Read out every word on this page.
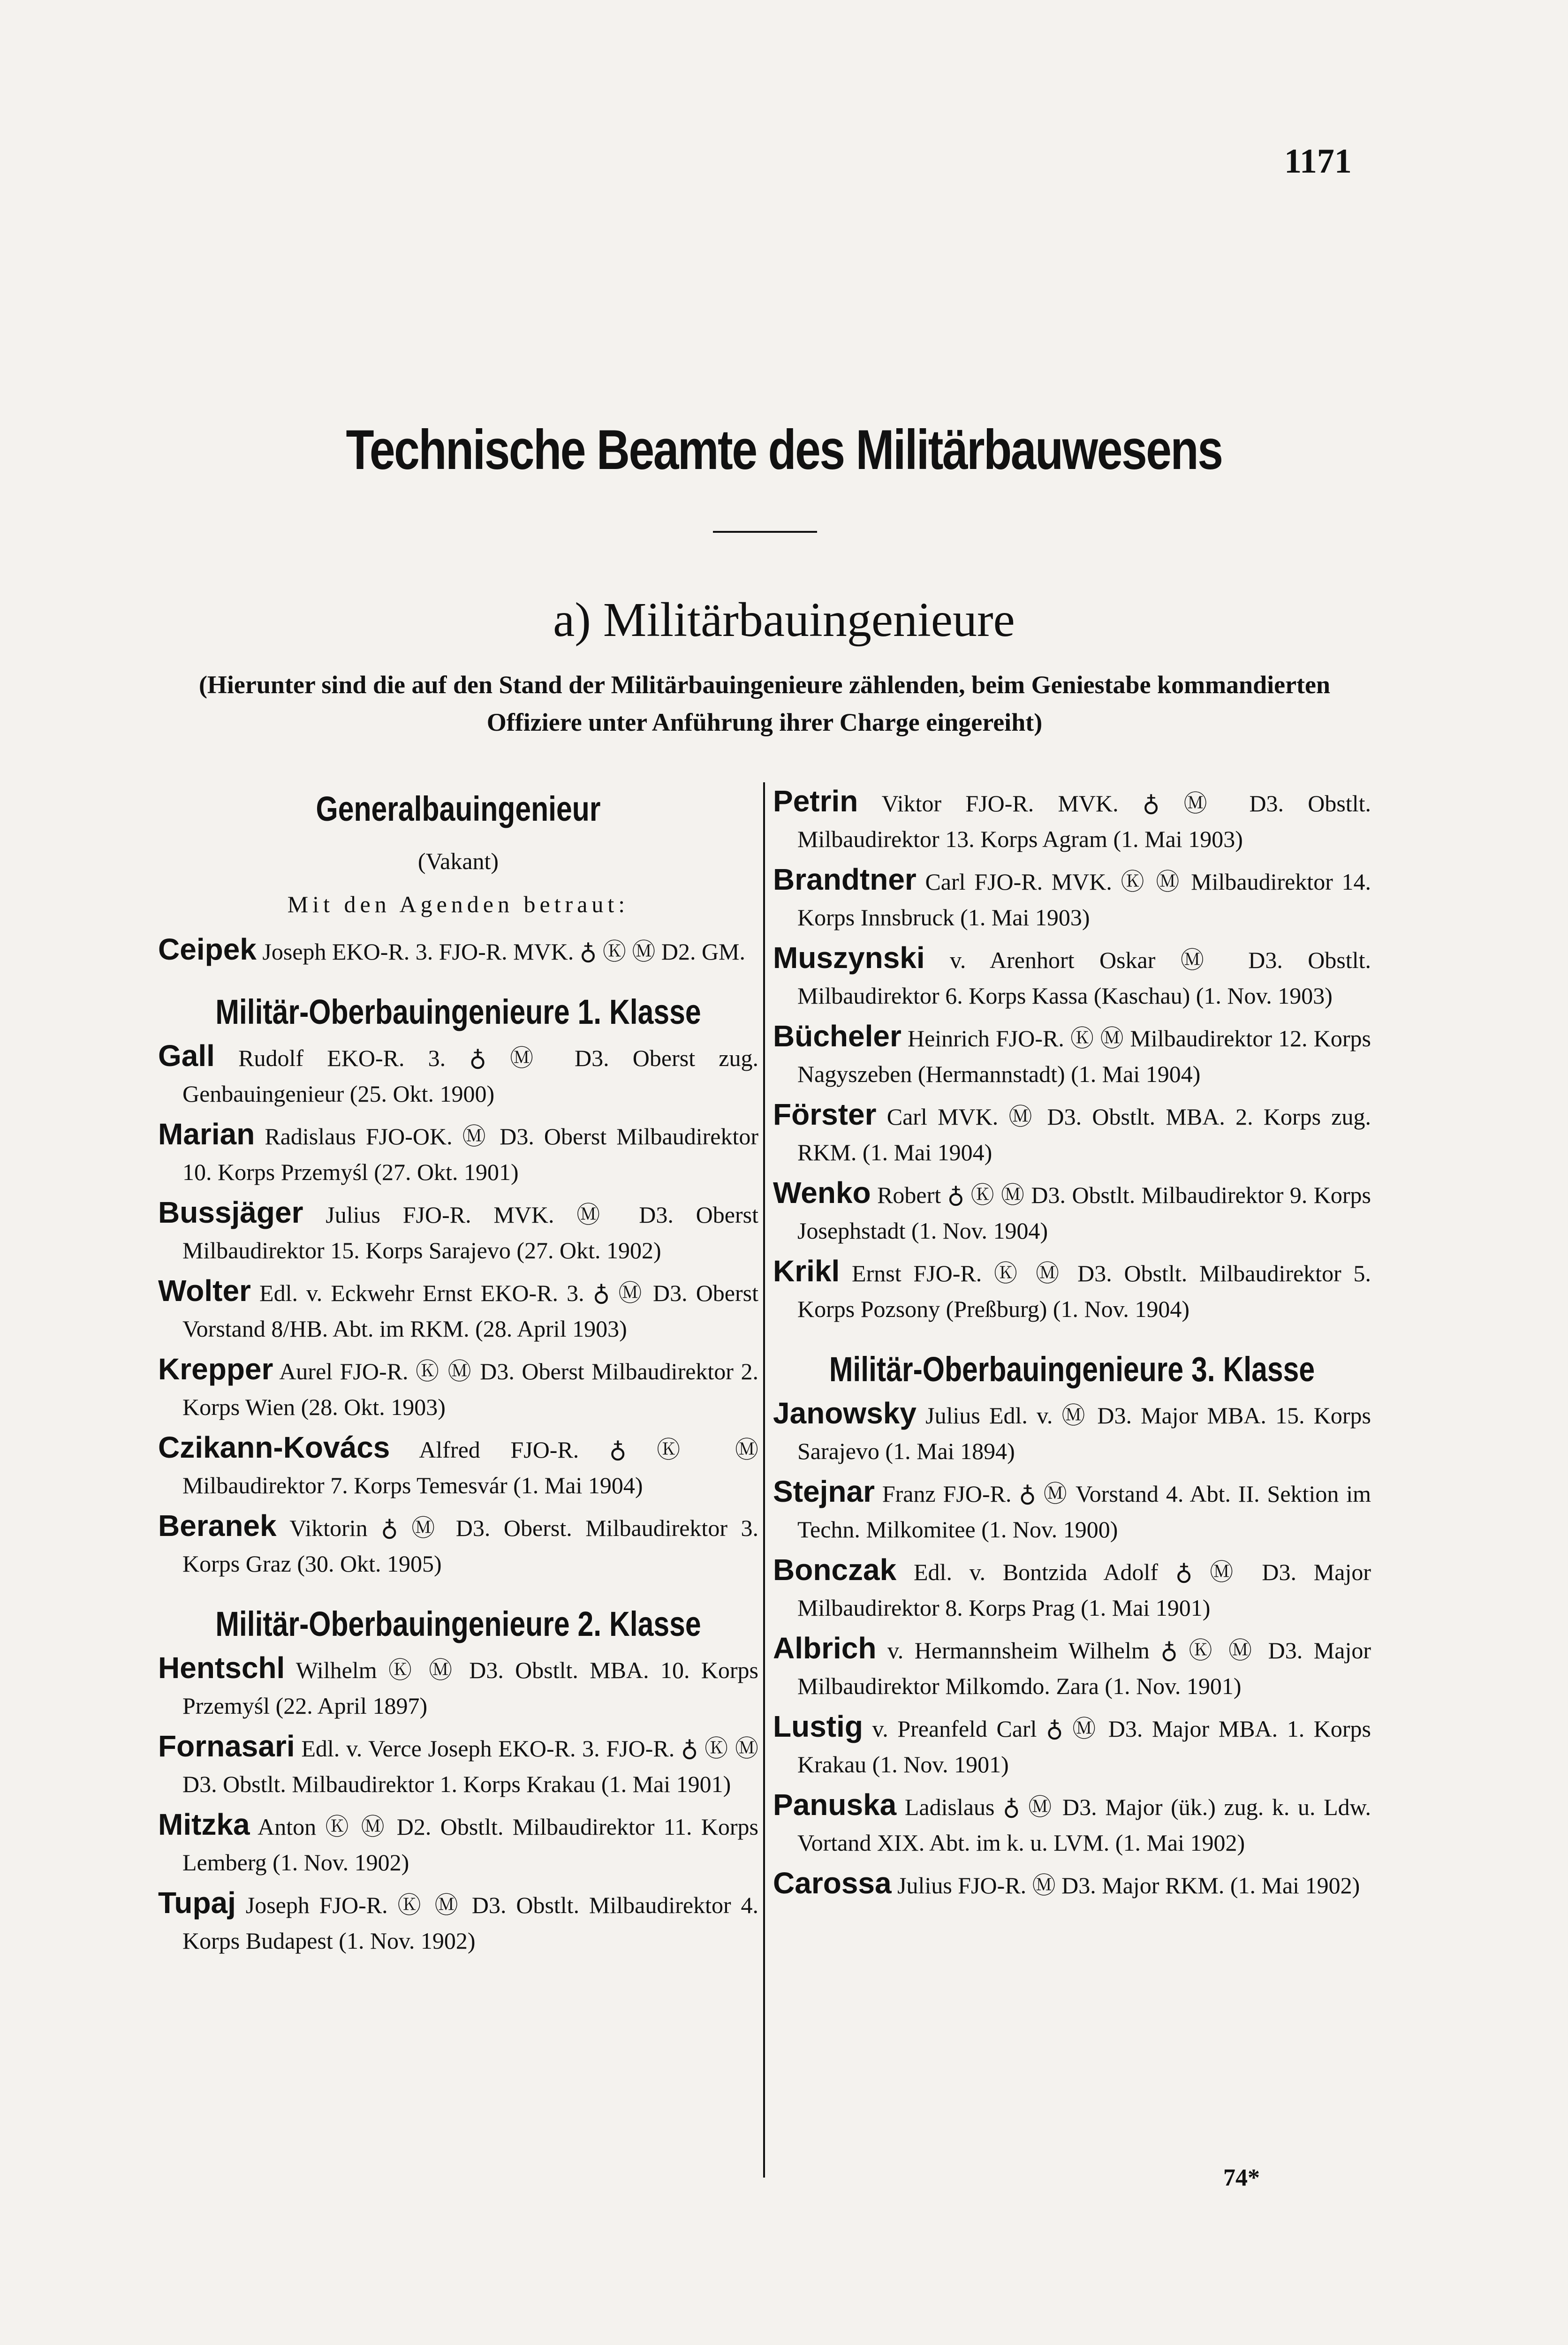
1171
Technische Beamte des Militärbauwesens
a) Militärbauingenieure
(Hierunter sind die auf den Stand der Militärbauingenieure zählenden, beim Geniestabe kommandierten Offiziere unter Anführung ihrer Charge eingereiht)
Generalbauingenieur
(Vakant)
Mit den Agenden betraut:
Ceipek Joseph EKO-R. 3. FJO-R. MVK. ♁ Ⓚ Ⓜ D2. GM.
Militär-Oberbauingenieure 1. Klasse
Gall Rudolf EKO-R. 3. ♁ Ⓜ D3. Oberst zug. Genbauingenieur (25. Okt. 1900)
Marian Radislaus FJO-OK. Ⓜ D3. Oberst Milbaudirektor 10. Korps Przemyśl (27. Okt. 1901)
Bussjäger Julius FJO-R. MVK. Ⓜ D3. Oberst Milbaudirektor 15. Korps Sarajevo (27. Okt. 1902)
Wolter Edl. v. Eckwehr Ernst EKO-R. 3. ♁ Ⓜ D3. Oberst Vorstand 8/HB. Abt. im RKM. (28. April 1903)
Krepper Aurel FJO-R. Ⓚ Ⓜ D3. Oberst Milbaudirektor 2. Korps Wien (28. Okt. 1903)
Czikann-Kovács Alfred FJO-R. ♁ Ⓚ Ⓜ Milbaudirektor 7. Korps Temesvár (1. Mai 1904)
Beranek Viktorin ♁ Ⓜ D3. Oberst. Milbaudirektor 3. Korps Graz (30. Okt. 1905)
Militär-Oberbauingenieure 2. Klasse
Hentschl Wilhelm Ⓚ Ⓜ D3. Obstlt. MBA. 10. Korps Przemyśl (22. April 1897)
Fornasari Edl. v. Verce Joseph EKO-R. 3. FJO-R. ♁ Ⓚ Ⓜ D3. Obstlt. Milbaudirektor 1. Korps Krakau (1. Mai 1901)
Mitzka Anton Ⓚ Ⓜ D2. Obstlt. Milbaudirektor 11. Korps Lemberg (1. Nov. 1902)
Tupaj Joseph FJO-R. Ⓚ Ⓜ D3. Obstlt. Milbaudirektor 4. Korps Budapest (1. Nov. 1902)
Petrin Viktor FJO-R. MVK. ♁ Ⓜ D3. Obstlt. Milbaudirektor 13. Korps Agram (1. Mai 1903)
Brandtner Carl FJO-R. MVK. Ⓚ Ⓜ Milbaudirektor 14. Korps Innsbruck (1. Mai 1903)
Muszynski v. Arenhort Oskar Ⓜ D3. Obstlt. Milbaudirektor 6. Korps Kassa (Kaschau) (1. Nov. 1903)
Bücheler Heinrich FJO-R. Ⓚ Ⓜ Milbaudirektor 12. Korps Nagyszeben (Hermannstadt) (1. Mai 1904)
Förster Carl MVK. Ⓜ D3. Obstlt. MBA. 2. Korps zug. RKM. (1. Mai 1904)
Wenko Robert ♁ Ⓚ Ⓜ D3. Obstlt. Milbaudirektor 9. Korps Josephstadt (1. Nov. 1904)
Krikl Ernst FJO-R. Ⓚ Ⓜ D3. Obstlt. Milbaudirektor 5. Korps Pozsony (Preßburg) (1. Nov. 1904)
Militär-Oberbauingenieure 3. Klasse
Janowsky Julius Edl. v. Ⓜ D3. Major MBA. 15. Korps Sarajevo (1. Mai 1894)
Stejnar Franz FJO-R. ♁ Ⓜ Vorstand 4. Abt. II. Sektion im Techn. Milkomitee (1. Nov. 1900)
Bonczak Edl. v. Bontzida Adolf ♁ Ⓜ D3. Major Milbaudirektor 8. Korps Prag (1. Mai 1901)
Albrich v. Hermannsheim Wilhelm ♁ Ⓚ Ⓜ D3. Major Milbaudirektor Milkomdo. Zara (1. Nov. 1901)
Lustig v. Preanfeld Carl ♁ Ⓜ D3. Major MBA. 1. Korps Krakau (1. Nov. 1901)
Panuska Ladislaus ♁ Ⓜ D3. Major (ük.) zug. k. u. Ldw. Vortand XIX. Abt. im k. u. LVM. (1. Mai 1902)
Carossa Julius FJO-R. Ⓜ D3. Major RKM. (1. Mai 1902)
74*
